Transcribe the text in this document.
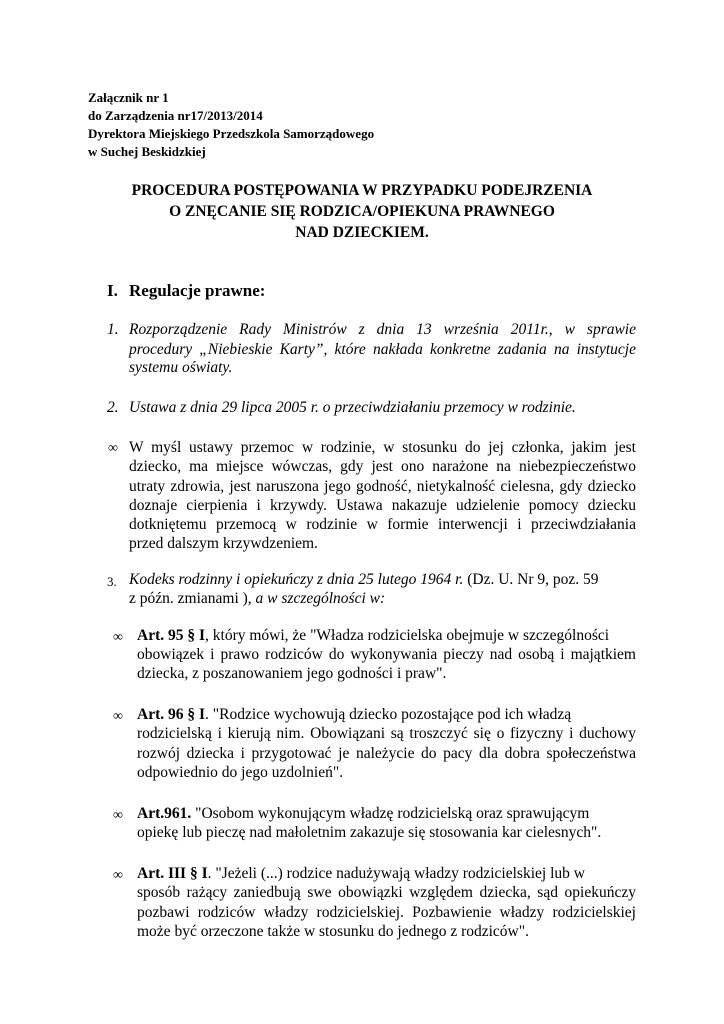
Załącznik nr 1
do Zarządzenia nr17/2013/2014
Dyrektora Miejskiego Przedszkola Samorządowego
w Suchej Beskidzkiej
PROCEDURA POSTĘPOWANIA W PRZYPADKU PODEJRZENIA
O ZNĘCANIE SIĘ RODZICA/OPIEKUNA PRAWNEGO
NAD DZIECKIEM.
I. Regulacje prawne:
1. Rozporządzenie Rady Ministrów z dnia 13 września 2011r., w sprawie
procedury „Niebieskie Karty”, które nakłada konkretne zadania na instytucje
systemu oświaty.
2. Ustawa z dnia 29 lipca 2005 r. o przeciwdziałaniu przemocy w rodzinie.
∞ W myśl ustawy przemoc w rodzinie, w stosunku do jej członka, jakim jest
dziecko, ma miejsce wówczas, gdy jest ono narażone na niebezpieczeństwo
utraty zdrowia, jest naruszona jego godność, nietykalność cielesna, gdy dziecko
doznaje cierpienia i krzywdy. Ustawa nakazuje udzielenie pomocy dziecku
dotkniętemu przemocą w rodzinie w formie interwencji i przeciwdziałania
przed dalszym krzywdzeniem.
3. Kodeks rodzinny i opiekuńczy z dnia 25 lutego 1964 r. (Dz. U. Nr 9, poz. 59
z późn. zmianami ), a w szczególności w:
∞ Art. 95 § I, który mówi, że "Władza rodzicielska obejmuje w szczególności
obowiązek i prawo rodziców do wykonywania pieczy nad osobą i majątkiem
dziecka, z poszanowaniem jego godności i praw".
∞ Art. 96 § I. "Rodzice wychowują dziecko pozostające pod ich władzą
rodzicielską i kierują nim. Obowiązani są troszczyć się o fizyczny i duchowy
rozwój dziecka i przygotować je należycie do pacy dla dobra społeczeństwa
odpowiednio do jego uzdolnień".
∞ Art.961. "Osobom wykonującym władzę rodzicielską oraz sprawującym
opiekę lub pieczę nad małoletnim zakazuje się stosowania kar cielesnych".
∞ Art. III § I. "Jeżeli (...) rodzice nadużywają władzy rodzicielskiej lub w
sposób rażący zaniedbują swe obowiązki względem dziecka, sąd opiekuńczy
pozbawi rodziców władzy rodzicielskiej. Pozbawienie władzy rodzicielskiej
może być orzeczone także w stosunku do jednego z rodziców".
